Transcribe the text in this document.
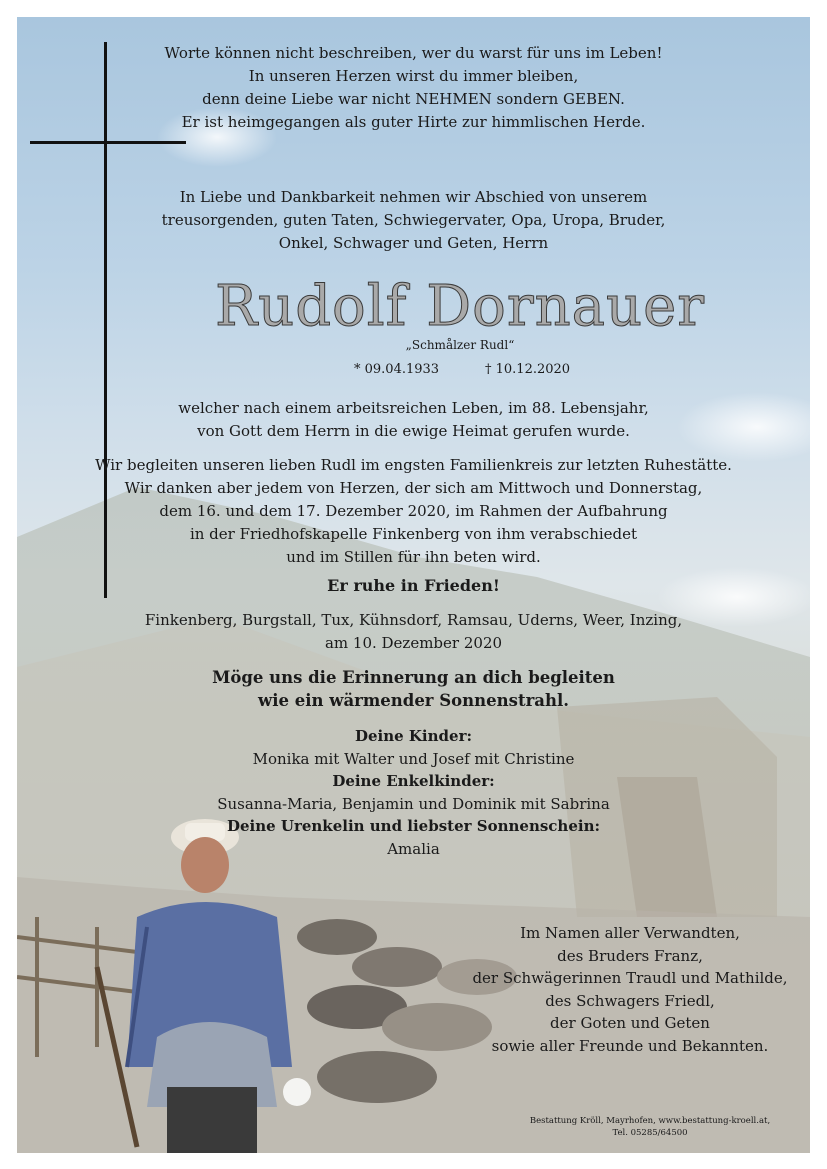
Worte können nicht beschreiben, wer du warst für uns im Leben!

In unseren Herzen wirst du immer bleiben,

denn deine Liebe war nicht NEHMEN sondern GEBEN.

Er ist heimgegangen als guter Hirte zur himmlischen Herde.

In Liebe und Dankbarkeit nehmen wir Abschied von unserem

treusorgenden, guten Taten, Schwiegervater, Opa, Uropa, Bruder,

Onkel, Schwager und Geten, Herrn

Rudolf Dornauer
„Schmålzer Rudl“
* 09.04.1933	† 10.12.2020

welcher nach einem arbeitsreichen Leben, im 88. Lebensjahr,

von Gott dem Herrn in die ewige Heimat gerufen wurde.

Wir begleiten unseren lieben Rudl im engsten Familienkreis zur letzten Ruhestätte.

Wir danken aber jedem von Herzen, der sich am Mittwoch und Donnerstag,

dem 16. und dem 17. Dezember 2020, im Rahmen der Aufbahrung

in der Friedhofskapelle Finkenberg von ihm verabschiedet

und im Stillen für ihn beten wird.

Er ruhe in Frieden!

Finkenberg, Burgstall, Tux, Kühnsdorf, Ramsau, Uderns, Weer, Inzing,

am 10. Dezember 2020

Möge uns die Erinnerung an dich begleiten

wie ein wärmender Sonnenstrahl.

Deine Kinder:

Monika mit Walter und Josef mit Christine

Deine Enkelkinder:

Susanna-Maria, Benjamin und Dominik mit Sabrina

Deine Urenkelin und liebster Sonnenschein:

Amalia

Im Namen aller Verwandten,

des Bruders Franz,

der Schwägerinnen Traudl und Mathilde,

des Schwagers Friedl,

der Goten und Geten

sowie aller Freunde und Bekannten.

Bestattung Kröll, Mayrhofen, www.bestattung-kroell.at,
Tel. 05285/64500
